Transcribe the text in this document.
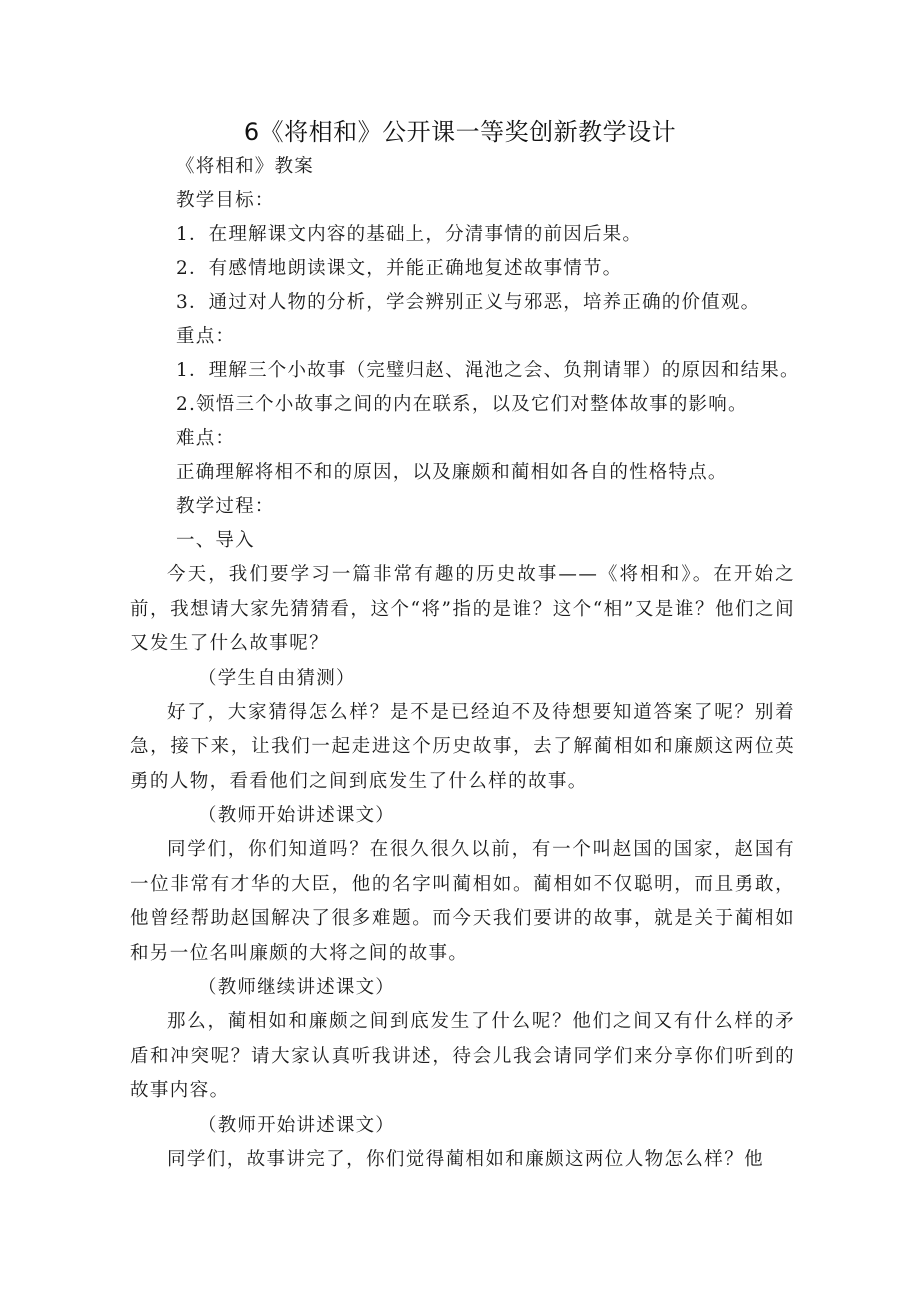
6《将相和》公开课一等奖创新教学设计
《将相和》教案
教学目标：
1．在理解课文内容的基础上，分清事情的前因后果。
2．有感情地朗读课文，并能正确地复述故事情节。
3．通过对人物的分析，学会辨别正义与邪恶，培养正确的价值观。
重点：
1．理解三个小故事（完璧归赵、渑池之会、负荆请罪）的原因和结果。
2.领悟三个小故事之间的内在联系，以及它们对整体故事的影响。
难点：
正确理解将相不和的原因，以及廉颇和蔺相如各自的性格特点。
教学过程：
一、导入
今天，我们要学习一篇非常有趣的历史故事——《将相和》。在开始之前，我想请大家先猜猜看，这个“将”指的是谁？这个“相”又是谁？他们之间又发生了什么故事呢？
（学生自由猜测）
好了，大家猜得怎么样？是不是已经迫不及待想要知道答案了呢？别着急，接下来，让我们一起走进这个历史故事，去了解蔺相如和廉颇这两位英勇的人物，看看他们之间到底发生了什么样的故事。
（教师开始讲述课文）
同学们，你们知道吗？在很久很久以前，有一个叫赵国的国家，赵国有一位非常有才华的大臣，他的名字叫蔺相如。蔺相如不仅聪明，而且勇敢，他曾经帮助赵国解决了很多难题。而今天我们要讲的故事，就是关于蔺相如和另一位名叫廉颇的大将之间的故事。
（教师继续讲述课文）
那么，蔺相如和廉颇之间到底发生了什么呢？他们之间又有什么样的矛盾和冲突呢？请大家认真听我讲述，待会儿我会请同学们来分享你们听到的故事内容。
（教师开始讲述课文）
同学们，故事讲完了，你们觉得蔺相如和廉颇这两位人物怎么样？他
